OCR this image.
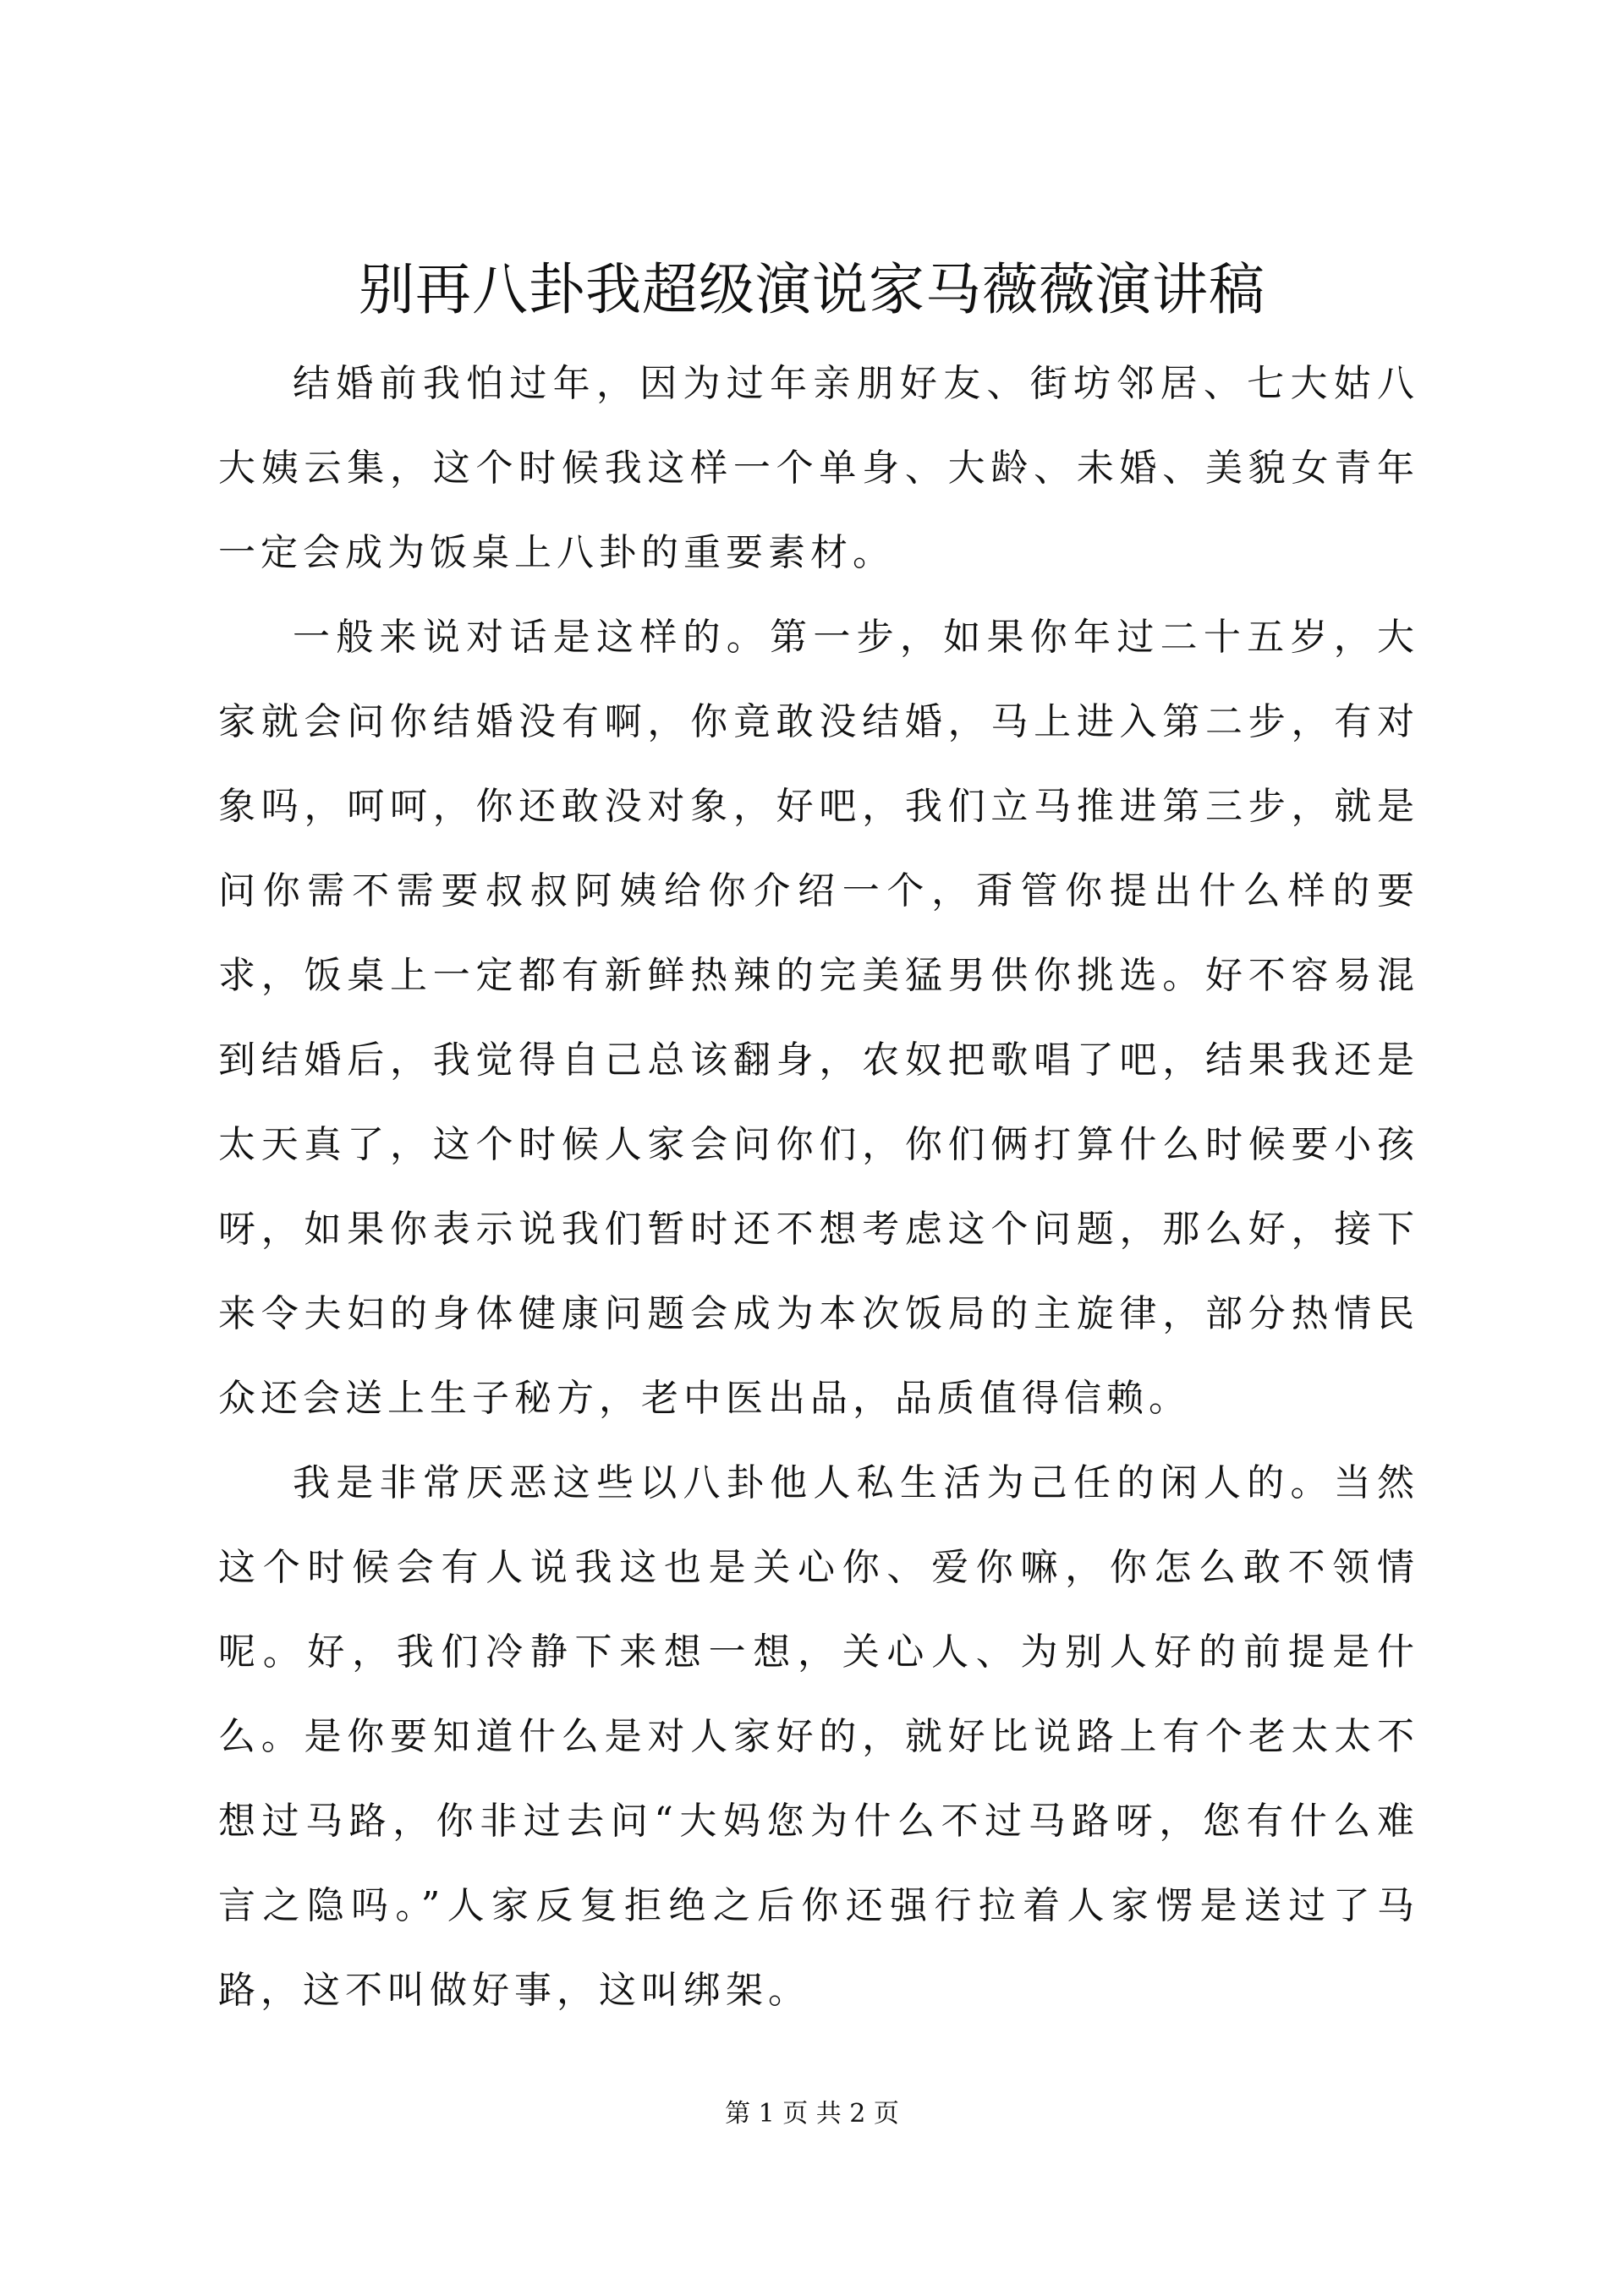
别再八卦我超级演说家马薇薇演讲稿

结婚前我怕过年，因为过年亲朋好友、街坊邻居、七大姑八大姨云集，这个时候我这样一个单身、大龄、未婚、美貌女青年一定会成为饭桌上八卦的重要素材。

一般来说对话是这样的。第一步，如果你年过二十五岁，大家就会问你结婚没有啊，你竟敢没结婚，马上进入第二步，有对象吗，呵呵，你还敢没对象，好吧，我们立马推进第三步，就是问你需不需要叔叔阿姨给你介绍一个，甭管你提出什么样的要求，饭桌上一定都有新鲜热辣的完美猛男供你挑选。好不容易混到结婚后，我觉得自己总该翻身，农奴把歌唱了吧，结果我还是太天真了，这个时候人家会问你们，你们俩打算什么时候要小孩呀，如果你表示说我们暂时还不想考虑这个问题，那么好，接下来令夫妇的身体健康问题会成为本次饭局的主旋律，部分热情民众还会送上生子秘方，老中医出品，品质值得信赖。

我是非常厌恶这些以八卦他人私生活为己任的闲人的。当然这个时候会有人说我这也是关心你、爱你嘛，你怎么敢不领情呢。好，我们冷静下来想一想，关心人、为别人好的前提是什么。是你要知道什么是对人家好的，就好比说路上有个老太太不想过马路，你非过去问“大妈您为什么不过马路呀，您有什么难言之隐吗。”人家反复拒绝之后你还强行拉着人家愣是送过了马路，这不叫做好事，这叫绑架。

第 1 页 共 2 页
